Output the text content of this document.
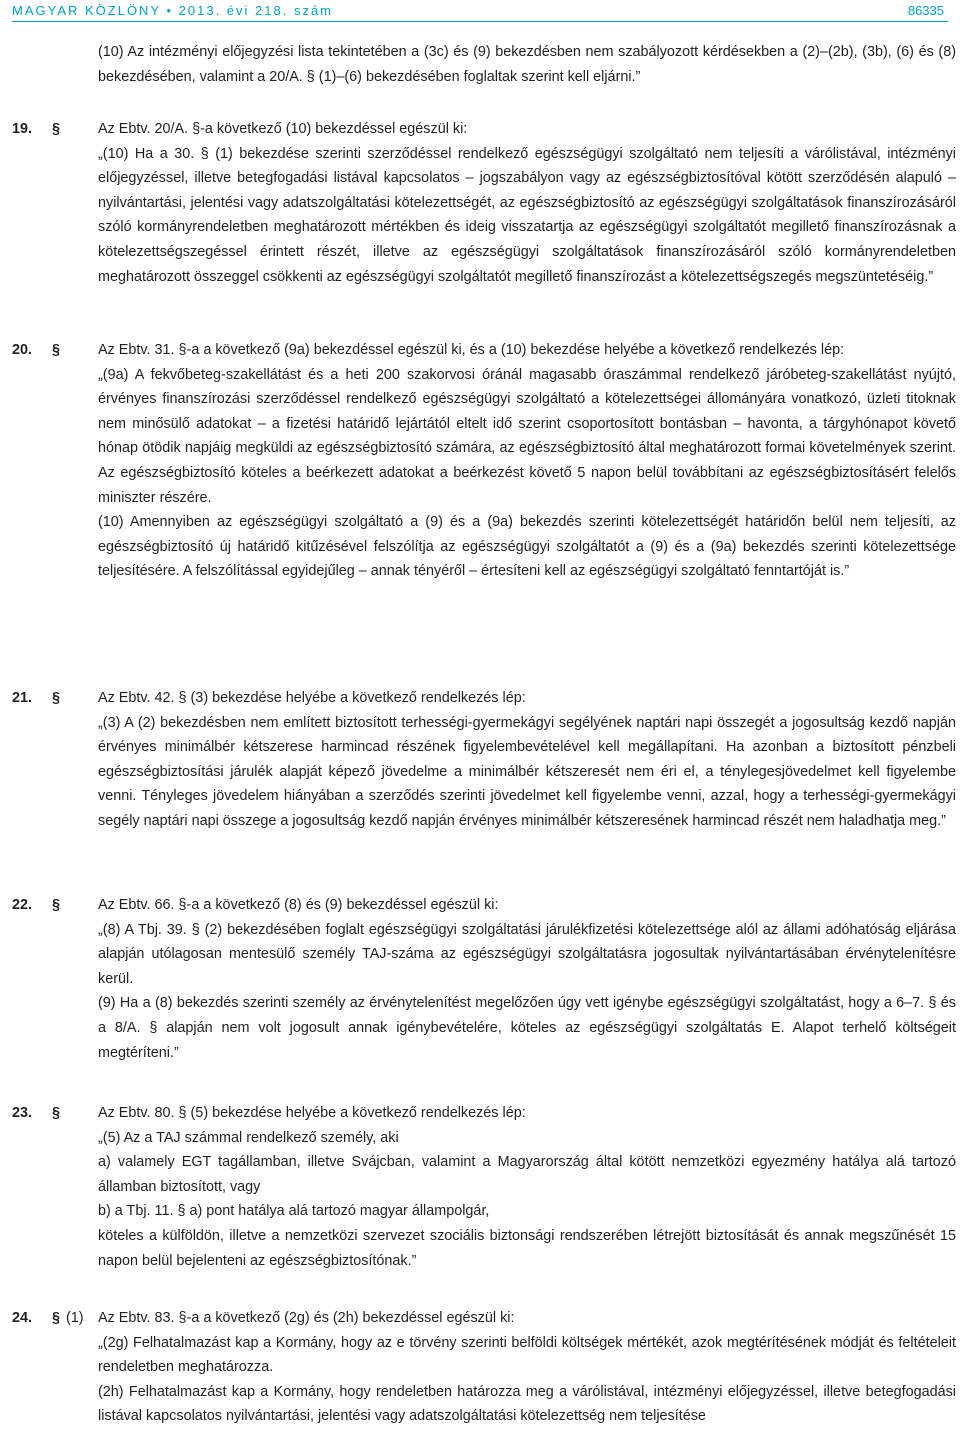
MAGYAR KÖZLÖNY • 2013. évi 218. szám	86335

(10) Az intézményi előjegyzési lista tekintetében a (3c) és (9) bekezdésben nem szabályozott kérdésekben a (2)–(2b), (3b), (6) és (8) bekezdésében, valamint a 20/A. § (1)–(6) bekezdésében foglaltak szerint kell eljárni.”

19. §	Az Ebtv. 20/A. §-a következő (10) bekezdéssel egészül ki:

„(10) Ha a 30. § (1) bekezdése szerinti szerződéssel rendelkező egészségügyi szolgáltató nem teljesíti a várólistával, intézményi előjegyzéssel, illetve betegfogadási listával kapcsolatos – jogszabályon vagy az egészségbiztosítóval kötött szerződésén alapuló – nyilvántartási, jelentési vagy adatszolgáltatási kötelezettségét, az egészségbiztosító az egészségügyi szolgáltatások finanszírozásáról szóló kormányrendeletben meghatározott mértékben és ideig visszatartja az egészségügyi szolgáltatót megillető finanszírozásnak a kötelezettségszegéssel érintett részét, illetve az egészségügyi szolgáltatások finanszírozásáról szóló kormányrendeletben meghatározott összeggel csökkenti az egészségügyi szolgáltatót megillető finanszírozást a kötelezettségszegés megszüntetéséig.”

20. §	Az Ebtv. 31. §-a a következő (9a) bekezdéssel egészül ki, és a (10) bekezdése helyébe a következő rendelkezés lép:

„(9a) A fekvőbeteg-szakellátást és a heti 200 szakorvosi óránál magasabb óraszámmal rendelkező járóbeteg-szakellátást nyújtó, érvényes finanszírozási szerződéssel rendelkező egészségügyi szolgáltató a kötelezettségei állományára vonatkozó, üzleti titoknak nem minősülő adatokat – a fizetési határidő lejártától eltelt idő szerint csoportosított bontásban – havonta, a tárgyhónapot követő hónap ötödik napjáig megküldi az egészségbiztosító számára, az egészségbiztosító által meghatározott formai követelmények szerint. Az egészségbiztosító köteles a beérkezett adatokat a beérkezést követő 5 napon belül továbbítani az egészségbiztosításért felelős miniszter részére.

(10) Amennyiben az egészségügyi szolgáltató a (9) és a (9a) bekezdés szerinti kötelezettségét határidőn belül nem teljesíti, az egészségbiztosító új határidő kitűzésével felszólítja az egészségügyi szolgáltatót a (9) és a (9a) bekezdés szerinti kötelezettsége teljesítésére. A felszólítással egyidejűleg – annak tényéről – értesíteni kell az egészségügyi szolgáltató fenntartóját is.”

21. §	Az Ebtv. 42. § (3) bekezdése helyébe a következő rendelkezés lép:

„(3) A (2) bekezdésben nem említett biztosított terhességi-gyermekágyi segélyének naptári napi összegét a jogosultság kezdő napján érvényes minimálbér kétszerese harmincad részének figyelembevételével kell megállapítani. Ha azonban a biztosított pénzbeli egészségbiztosítási járulék alapját képező jövedelme a minimálbér kétszeresét nem éri el, a ténylegesjövedelmet kell figyelembe venni. Tényleges jövedelem hiányában a szerződés szerinti jövedelmet kell figyelembe venni, azzal, hogy a terhességi-gyermekágyi segély naptári napi összege a jogosultság kezdő napján érvényes minimálbér kétszeresének harmincad részét nem haladhatja meg.”

22. §	Az Ebtv. 66. §-a a következő (8) és (9) bekezdéssel egészül ki:

„(8) A Tbj. 39. § (2) bekezdésében foglalt egészségügyi szolgáltatási járulékfizetési kötelezettsége alól az állami adóhatóság eljárása alapján utólagosan mentesülő személy TAJ-száma az egészségügyi szolgáltatásra jogosultak nyilvántartásában érvénytelenítésre kerül.

(9) Ha a (8) bekezdés szerinti személy az érvénytelenítést megelőzően úgy vett igénybe egészségügyi szolgáltatást, hogy a 6–7. § és a 8/A. § alapján nem volt jogosult annak igénybevételére, köteles az egészségügyi szolgáltatás E. Alapot terhelő költségeit megtéríteni.”

23. §	Az Ebtv. 80. § (5) bekezdése helyébe a következő rendelkezés lép:

„(5) Az a TAJ számmal rendelkező személy, aki

a) valamely EGT tagállamban, illetve Svájcban, valamint a Magyarország által kötött nemzetközi egyezmény hatálya alá tartozó államban biztosított, vagy

b) a Tbj. 11. § a) pont hatálya alá tartozó magyar állampolgár,

köteles a külföldön, illetve a nemzetközi szervezet szociális biztonsági rendszerében létrejött biztosítását és annak megszűnését 15 napon belül bejelenteni az egészségbiztosítónak.”

24. § (1) Az Ebtv. 83. §-a a következő (2g) és (2h) bekezdéssel egészül ki:

„(2g) Felhatalmazást kap a Kormány, hogy az e törvény szerinti belföldi költségek mértékét, azok megtérítésének módját és feltételeit rendeletben meghatározza.

(2h) Felhatalmazást kap a Kormány, hogy rendeletben határozza meg a várólistával, intézményi előjegyzéssel, illetve betegfogadási listával kapcsolatos nyilvántartási, jelentési vagy adatszolgáltatási kötelezettség nem teljesítése
